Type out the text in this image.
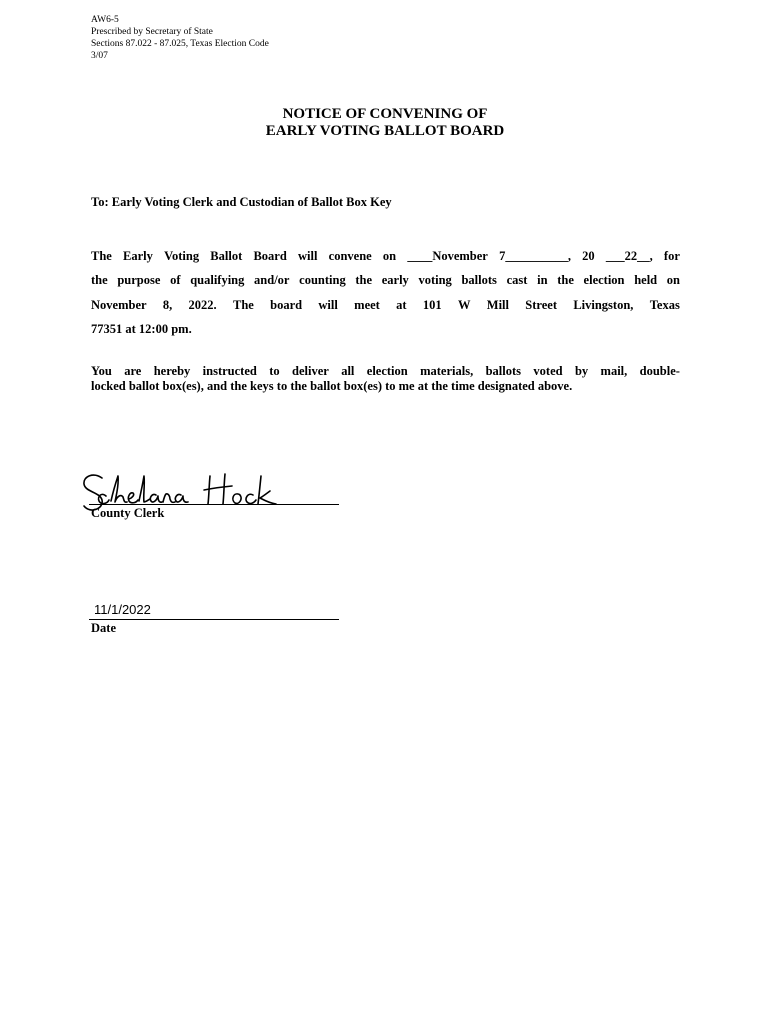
AW6-5
Prescribed by Secretary of State
Sections 87.022 - 87.025, Texas Election Code
3/07
NOTICE OF CONVENING OF
EARLY VOTING BALLOT BOARD
To: Early Voting Clerk and Custodian of Ballot Box Key
The Early Voting Ballot Board will convene on ____November 7__________, 20 ___22__, for
the purpose of qualifying and/or counting the early voting ballots cast in the election held on
November 8, 2022. The board will meet at 101 W Mill Street Livingston, Texas
77351 at 12:00 pm.
You are hereby instructed to deliver all election materials, ballots voted by mail, double-
locked ballot box(es), and the keys to the ballot box(es) to me at the time designated above.
County Clerk
11/1/2022
Date
